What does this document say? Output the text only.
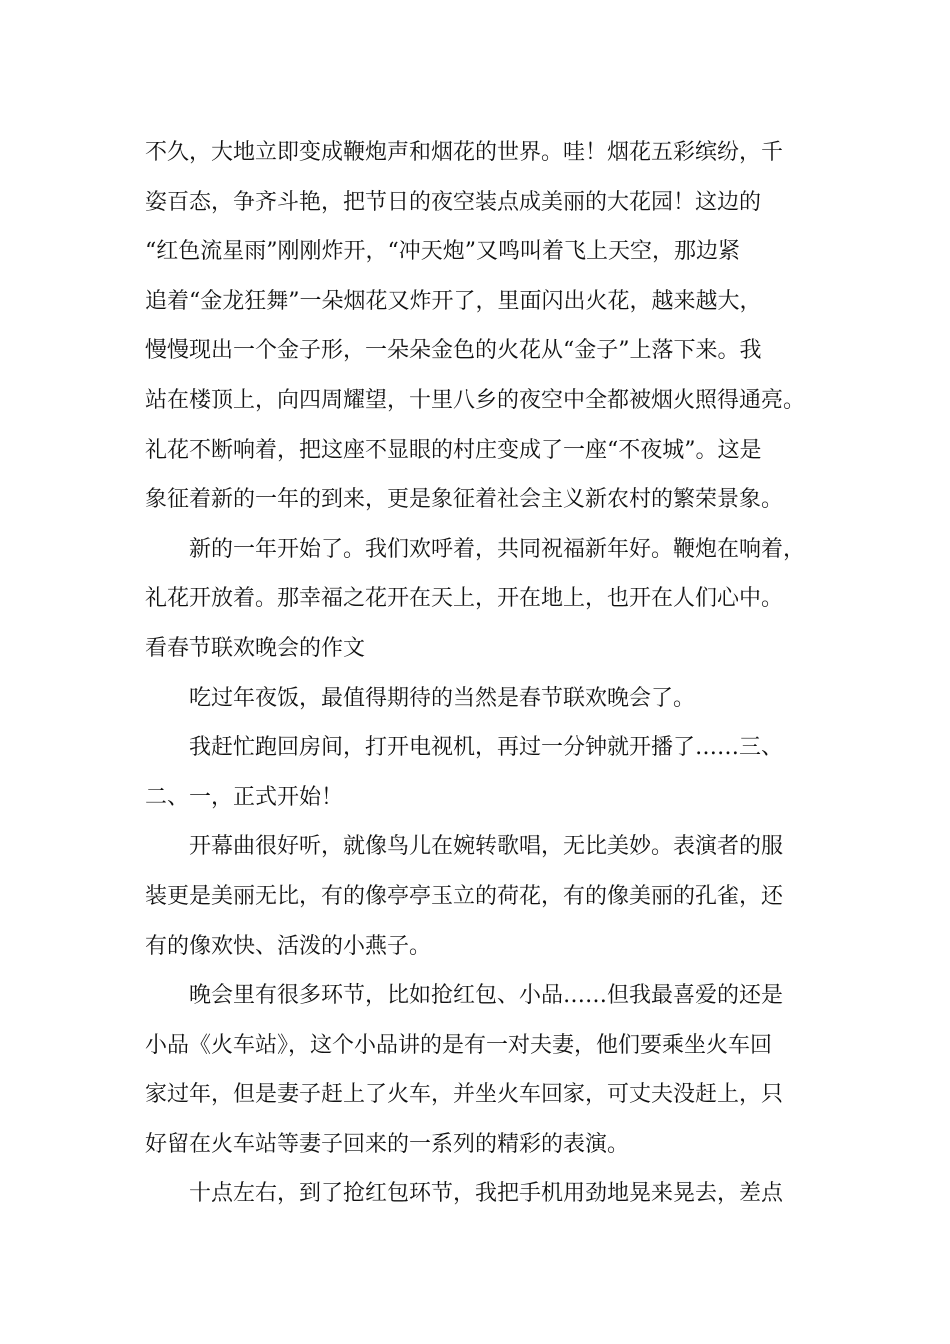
不久，大地立即变成鞭炮声和烟花的世界。哇！烟花五彩缤纷，千
姿百态，争齐斗艳，把节日的夜空装点成美丽的大花园！这边的
“红色流星雨”刚刚炸开，“冲天炮”又鸣叫着飞上天空，那边紧
追着“金龙狂舞”一朵烟花又炸开了，里面闪出火花，越来越大，
慢慢现出一个金子形，一朵朵金色的火花从“金子”上落下来。我
站在楼顶上，向四周耀望，十里八乡的夜空中全都被烟火照得通亮。
礼花不断响着，把这座不显眼的村庄变成了一座“不夜城”。这是
象征着新的一年的到来，更是象征着社会主义新农村的繁荣景象。
新的一年开始了。我们欢呼着，共同祝福新年好。鞭炮在响着，
礼花开放着。那幸福之花开在天上，开在地上，也开在人们心中。
看春节联欢晚会的作文
吃过年夜饭，最值得期待的当然是春节联欢晚会了。
我赶忙跑回房间，打开电视机，再过一分钟就开播了……三、
二、一，正式开始！
开幕曲很好听，就像鸟儿在婉转歌唱，无比美妙。表演者的服
装更是美丽无比，有的像亭亭玉立的荷花，有的像美丽的孔雀，还
有的像欢快、活泼的小燕子。
晚会里有很多环节，比如抢红包、小品……但我最喜爱的还是
小品《火车站》，这个小品讲的是有一对夫妻，他们要乘坐火车回
家过年，但是妻子赶上了火车，并坐火车回家，可丈夫没赶上，只
好留在火车站等妻子回来的一系列的精彩的表演。
十点左右，到了抢红包环节，我把手机用劲地晃来晃去，差点
